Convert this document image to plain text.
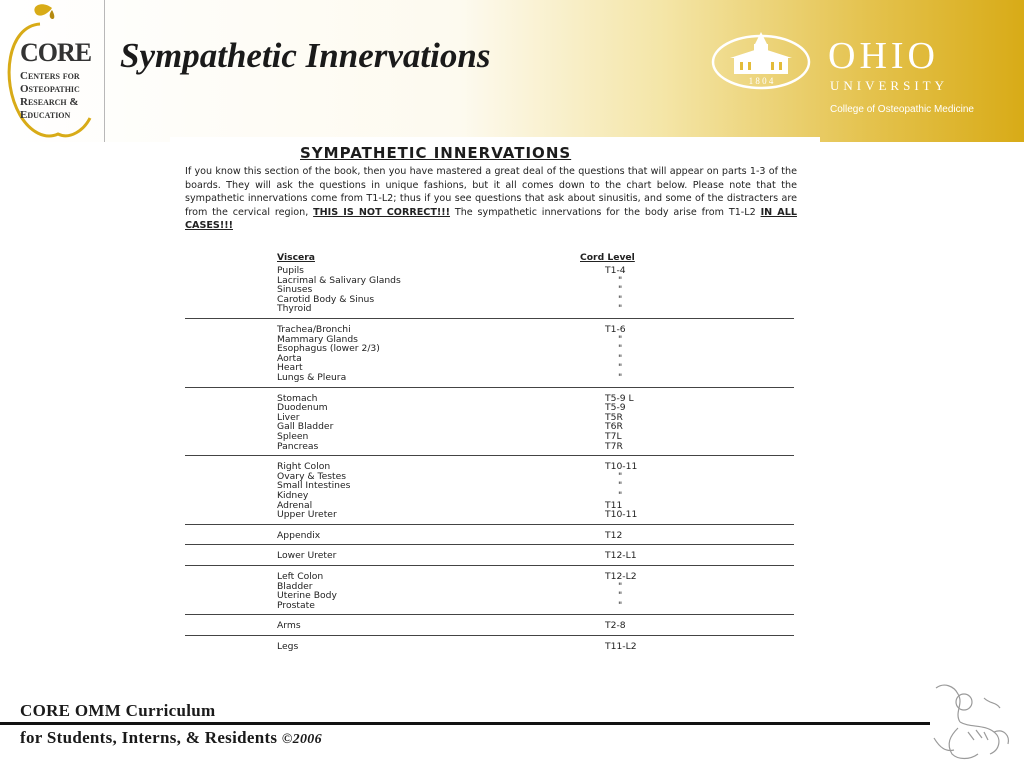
CORE
Centers for
Osteopathic
Research &
Education
Sympathetic Innervations
1 8 0 4
OHIO
UNIVERSITY
College of Osteopathic Medicine
SYMPATHETIC INNERVATIONS
If you know this section of the book, then you have mastered a great deal of the questions that will appear on parts 1-3 of the boards. They will ask the questions in unique fashions, but it all comes down to the chart below. Please note that the sympathetic innervations come from T1-L2; thus if you see questions that ask about sinusitis, and some of the distracters are from the cervical region, THIS IS NOT CORRECT!!! The sympathetic innervations for the body arise from T1-L2 IN ALL CASES!!!
Viscera	Cord Level
Pupils	T1-4
Lacrimal & Salivary Glands	"
Sinuses	"
Carotid Body & Sinus	"
Thyroid	"
Trachea/Bronchi	T1-6
Mammary Glands	"
Esophagus (lower 2/3)	"
Aorta	"
Heart	"
Lungs & Pleura	"
Stomach	T5-9 L
Duodenum	T5-9
Liver	T5R
Gall Bladder	T6R
Spleen	T7L
Pancreas	T7R
Right Colon	T10-11
Ovary & Testes	"
Small Intestines	"
Kidney	"
Adrenal	T11
Upper Ureter	T10-11
Appendix	T12
Lower Ureter	T12-L1
Left Colon	T12-L2
Bladder	"
Uterine Body	"
Prostate	"
Arms	T2-8
Legs	T11-L2
CORE OMM Curriculum
for Students, Interns, & Residents ©2006
